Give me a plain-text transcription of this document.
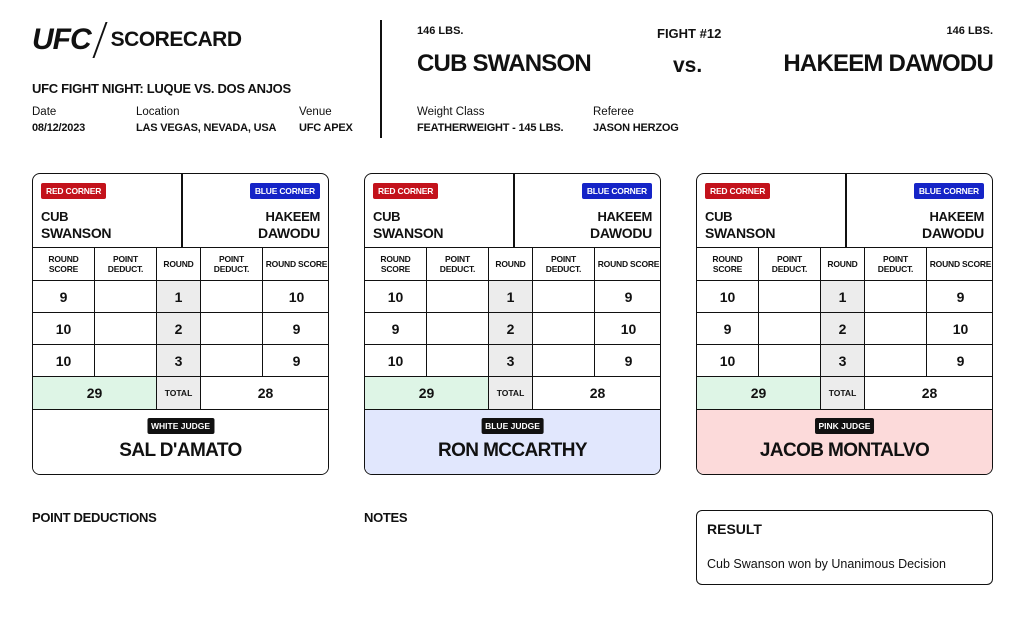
UFC SCORECARD
UFC FIGHT NIGHT: LUQUE VS. DOS ANJOS
Date
08/12/2023
Location
LAS VEGAS, NEVADA, USA
Venue
UFC APEX
146 LBS.	146 LBS.
FIGHT #12
CUB SWANSON	vs.	HAKEEM DAWODU
Weight Class
FEATHERWEIGHT - 145 LBS.
Referee
JASON HERZOG
RED CORNER	BLUE CORNER
CUB
SWANSON
HAKEEM
DAWODU
ROUND SCORE
POINT DEDUCT.	ROUND	POINT DEDUCT.	ROUND SCORE
9	1	10
10	2	9
10	3	9
29	TOTAL	28
WHITE JUDGE
SAL D'AMATO
RED CORNER	BLUE CORNER
CUB
SWANSON
HAKEEM
DAWODU
ROUND SCORE
POINT DEDUCT.	ROUND	POINT DEDUCT.	ROUND SCORE
10	1	9
9	2	10
10	3	9
29	TOTAL	28
BLUE JUDGE
RON MCCARTHY
RED CORNER	BLUE CORNER
CUB
SWANSON
HAKEEM
DAWODU
ROUND SCORE
POINT DEDUCT.	ROUND	POINT DEDUCT.	ROUND SCORE
10	1	9
9	2	10
10	3	9
29	TOTAL	28
PINK JUDGE
JACOB MONTALVO
POINT DEDUCTIONS	NOTES
RESULT
Cub Swanson won by Unanimous Decision
